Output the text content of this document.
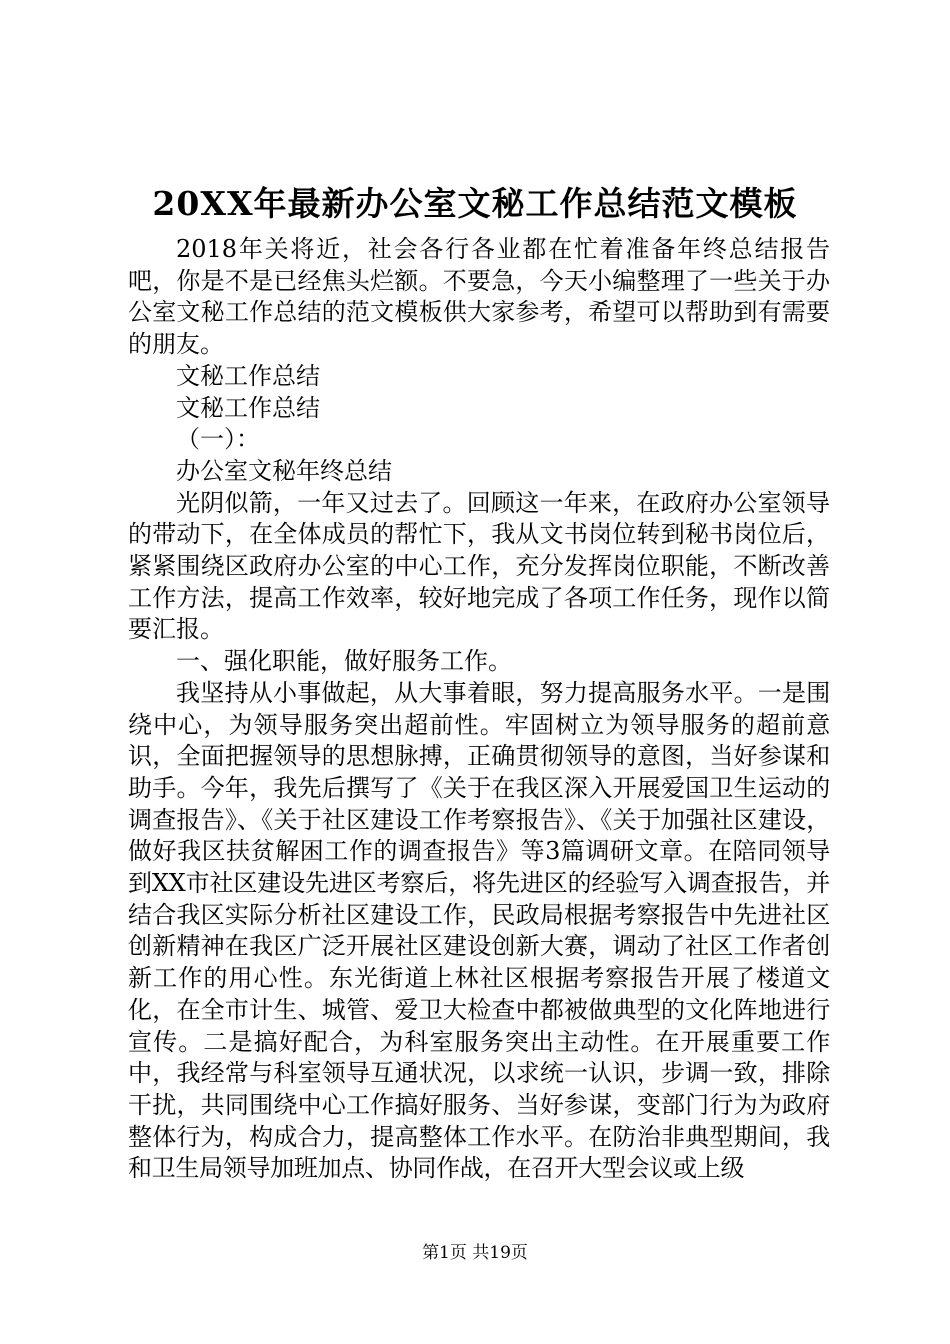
20XX年最新办公室文秘工作总结范文模板

2018年关将近，社会各行各业都在忙着准备年终总结报告吧，你是不是已经焦头烂额。不要急，今天小编整理了一些关于办公室文秘工作总结的范文模板供大家参考，希望可以帮助到有需要的朋友。

文秘工作总结

文秘工作总结

（一）：

办公室文秘年终总结

光阴似箭，一年又过去了。回顾这一年来，在政府办公室领导的带动下，在全体成员的帮忙下，我从文书岗位转到秘书岗位后，紧紧围绕区政府办公室的中心工作，充分发挥岗位职能，不断改善工作方法，提高工作效率，较好地完成了各项工作任务，现作以简要汇报。

一、强化职能，做好服务工作。

我坚持从小事做起，从大事着眼，努力提高服务水平。一是围绕中心，为领导服务突出超前性。牢固树立为领导服务的超前意识，全面把握领导的思想脉搏，正确贯彻领导的意图，当好参谋和助手。今年，我先后撰写了《关于在我区深入开展爱国卫生运动的调查报告》、《关于社区建设工作考察报告》、《关于加强社区建设，做好我区扶贫解困工作的调查报告》等3篇调研文章。在陪同领导到XX市社区建设先进区考察后，将先进区的经验写入调查报告，并结合我区实际分析社区建设工作，民政局根据考察报告中先进社区创新精神在我区广泛开展社区建设创新大赛，调动了社区工作者创新工作的用心性。东光街道上林社区根据考察报告开展了楼道文化，在全市计生、城管、爱卫大检查中都被做典型的文化阵地进行宣传。二是搞好配合，为科室服务突出主动性。在开展重要工作中，我经常与科室领导互通状况，以求统一认识，步调一致，排除干扰，共同围绕中心工作搞好服务、当好参谋，变部门行为为政府整体行为，构成合力，提高整体工作水平。在防治非典型期间，我和卫生局领导加班加点、协同作战，在召开大型会议或上级

第1页 共19页
